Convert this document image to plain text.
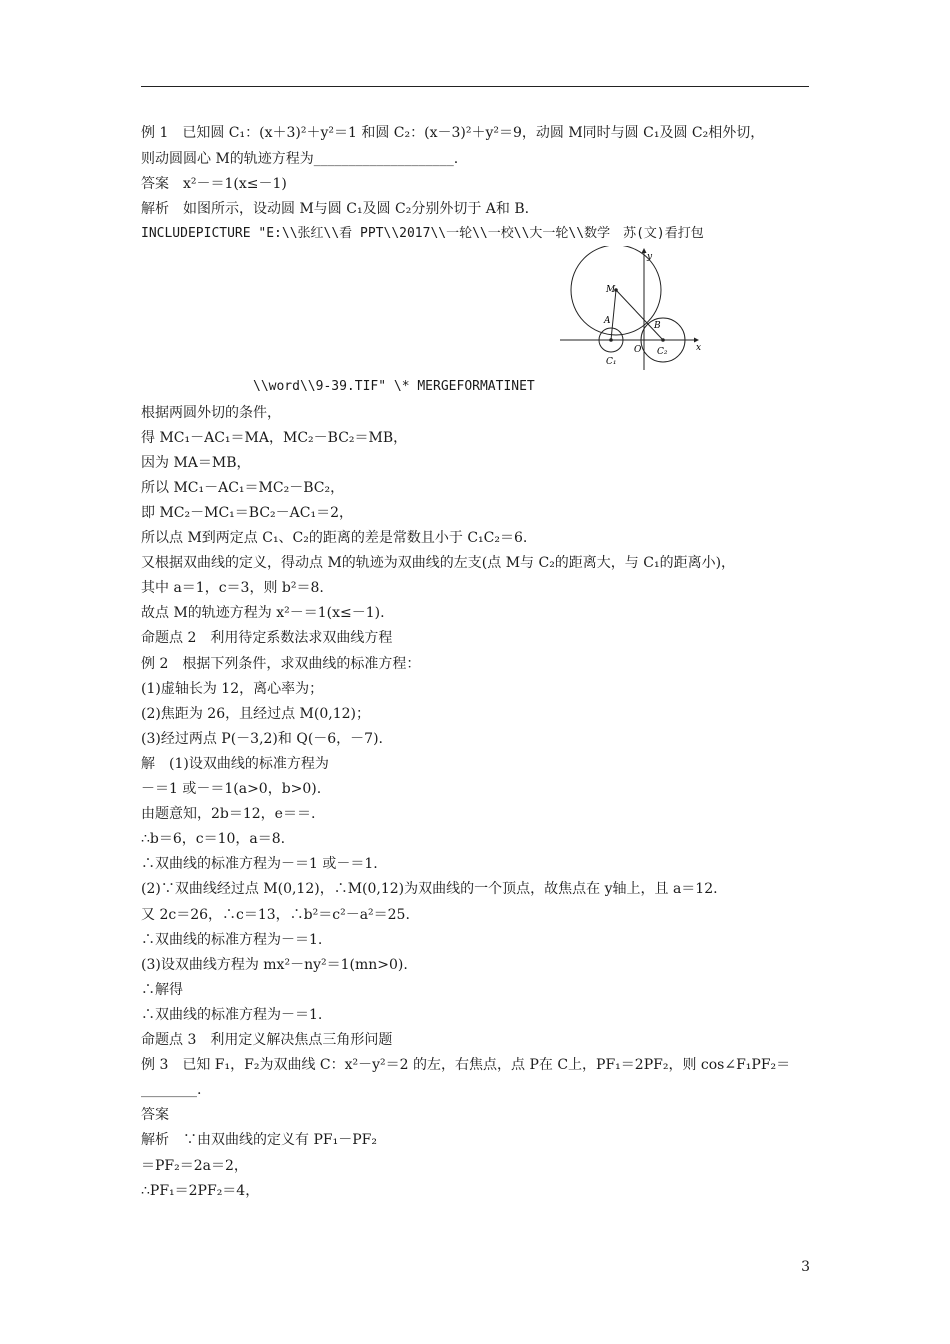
例 1　已知圆 C₁：(x＋3)²＋y²＝1 和圆 C₂：(x－3)²＋y²＝9，动圆 M同时与圆 C₁及圆 C₂相外切，
则动圆圆心 M的轨迹方程为____________________.
答案　x²－＝1(x≤－1)
解析　如图所示，设动圆 M与圆 C₁及圆 C₂分别外切于 A和 B.
INCLUDEPICTURE "E:\\张红\\看 PPT\\2017\\一轮\\一校\\大一轮\\数学　苏(文)看打包
\\word\\9-39.TIF" \* MERGEFORMATINET
根据两圆外切的条件，
得 MC₁－AC₁＝MA，MC₂－BC₂＝MB，
因为 MA＝MB，
所以 MC₁－AC₁＝MC₂－BC₂，
即 MC₂－MC₁＝BC₂－AC₁＝2，
所以点 M到两定点 C₁、C₂的距离的差是常数且小于 C₁C₂＝6.
又根据双曲线的定义，得动点 M的轨迹为双曲线的左支(点 M与 C₂的距离大，与 C₁的距离小)，
其中 a＝1，c＝3，则 b²＝8.
故点 M的轨迹方程为 x²－＝1(x≤－1).
命题点 2　利用待定系数法求双曲线方程
例 2　根据下列条件，求双曲线的标准方程：
(1)虚轴长为 12，离心率为；
(2)焦距为 26，且经过点 M(0,12)；
(3)经过两点 P(－3,2)和 Q(－6，－7).
解　(1)设双曲线的标准方程为
－＝1 或－＝1(a>0，b>0).
由题意知，2b＝12，e＝＝.
∴b＝6，c＝10，a＝8.
∴双曲线的标准方程为－＝1 或－＝1.
(2)∵双曲线经过点 M(0,12)，∴M(0,12)为双曲线的一个顶点，故焦点在 y轴上，且 a＝12.
又 2c＝26，∴c＝13，∴b²＝c²－a²＝25.
∴双曲线的标准方程为－＝1.
(3)设双曲线方程为 mx²－ny²＝1(mn>0).
∴解得
∴双曲线的标准方程为－＝1.
命题点 3　利用定义解决焦点三角形问题
例 3　已知 F₁，F₂为双曲线 C：x²－y²＝2 的左，右焦点，点 P在 C上，PF₁＝2PF₂，则 cos∠F₁PF₂＝
________.
答案
解析　∵由双曲线的定义有 PF₁－PF₂
＝PF₂＝2a＝2，
∴PF₁＝2PF₂＝4，
x
y
M
A	B
O
C₁
C₂
3
